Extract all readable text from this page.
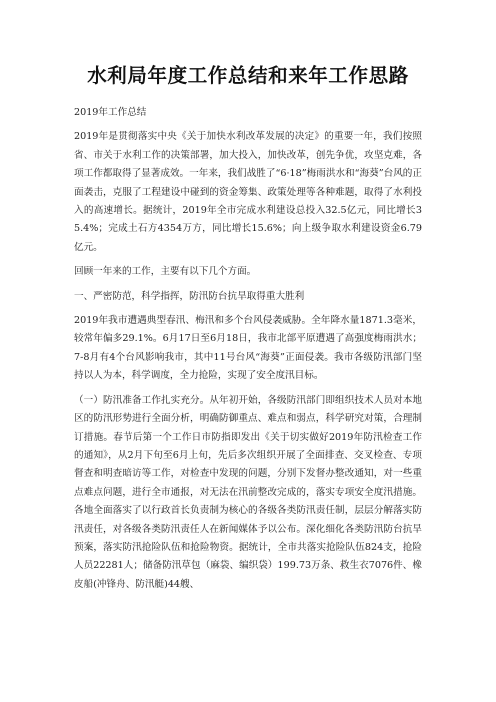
水利局年度工作总结和来年工作思路

2019年工作总结

2019年是贯彻落实中央《关于加快水利改革发展的决定》的重要一年，我们按照省、市关于水利工作的决策部署，加大投入，加快改革，创先争优，攻坚克难，各项工作都取得了显著成效。一年来，我们战胜了“6·18”梅雨洪水和“海葵”台风的正面袭击，克服了工程建设中碰到的资金筹集、政策处理等各种难题，取得了水利投入的高速增长。据统计，2019年全市完成水利建设总投入32.5亿元，同比增长35.4%；完成土石方4354万方，同比增长15.6%；向上级争取水利建设资金6.79亿元。

回顾一年来的工作，主要有以下几个方面。

一、严密防范，科学指挥，防汛防台抗旱取得重大胜利

2019年我市遭遇典型春汛、梅汛和多个台风侵袭威胁。全年降水量1871.3毫米，较常年偏多29.1%。6月17日至6月18日，我市北部平原遭遇了高强度梅雨洪水；7-8月有4个台风影响我市，其中11号台风“海葵”正面侵袭。我市各级防汛部门坚持以人为本，科学调度，全力抢险，实现了安全度汛目标。

（一）防汛准备工作扎实充分。从年初开始，各级防汛部门即组织技术人员对本地区的防汛形势进行全面分析，明确防御重点、难点和弱点，科学研究对策，合理制订措施。春节后第一个工作日市防指即发出《关于切实做好2019年防汛检查工作的通知》，从2月下旬至6月上旬，先后多次组织开展了全面排查、交叉检查、专项督查和明查暗访等工作，对检查中发现的问题，分别下发督办整改通知，对一些重点难点问题，进行全市通报，对无法在汛前整改完成的，落实专项安全度汛措施。各地全面落实了以行政首长负责制为核心的各级各类防汛责任制，层层分解落实防汛责任，对各级各类防汛责任人在新闻媒体予以公布。深化细化各类防汛防台抗旱预案，落实防汛抢险队伍和抢险物资。据统计，全市共落实抢险队伍824支，抢险人员22281人；储备防汛草包（麻袋、编织袋）199.73万条、救生衣7076件、橡皮船(冲锋舟、防汛艇)44艘、
